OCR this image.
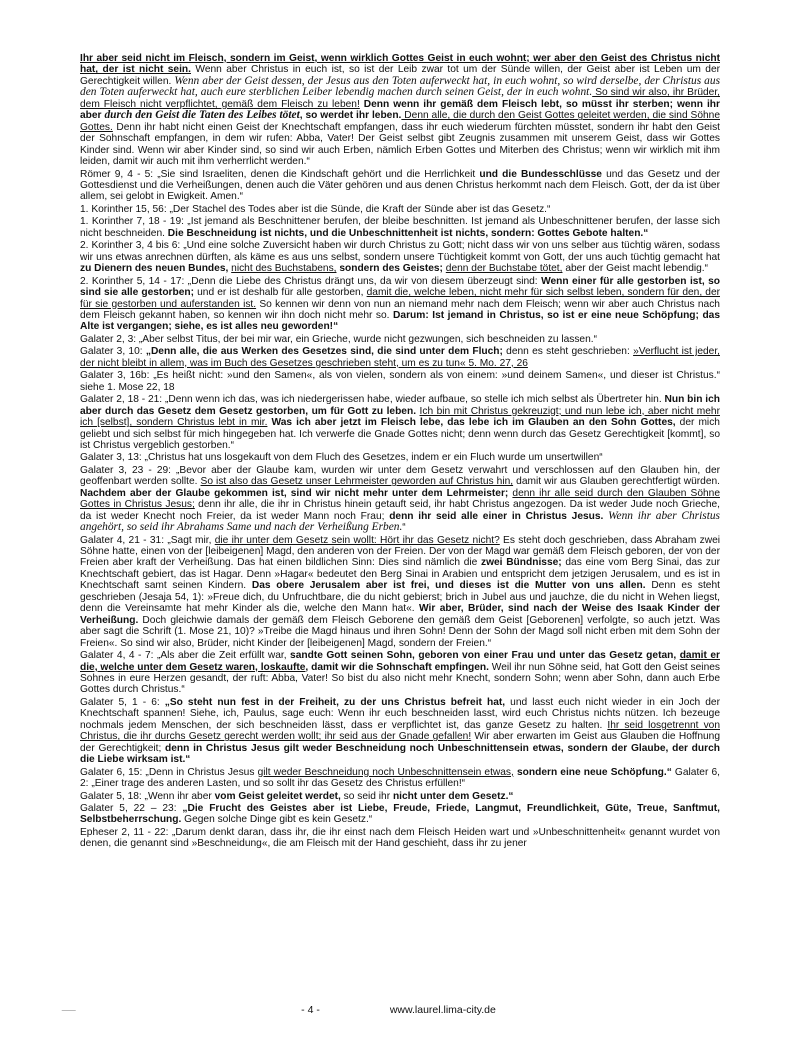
Ihr aber seid nicht im Fleisch, sondern im Geist, wenn wirklich Gottes Geist in euch wohnt; wer aber den Geist des Christus nicht hat, der ist nicht sein. Wenn aber Christus in euch ist, so ist der Leib zwar tot um der Sünde willen, der Geist aber ist Leben um der Gerechtigkeit willen. Wenn aber der Geist dessen, der Jesus aus den Toten auferweckt hat, in euch wohnt, so wird derselbe, der Christus aus den Toten auferweckt hat, auch eure sterblichen Leiber lebendig machen durch seinen Geist, der in euch wohnt. So sind wir also, ihr Brüder, dem Fleisch nicht verpflichtet, gemäß dem Fleisch zu leben! Denn wenn ihr gemäß dem Fleisch lebt, so müsst ihr sterben; wenn ihr aber durch den Geist die Taten des Leibes tötet, so werdet ihr leben. Denn alle, die durch den Geist Gottes geleitet werden, die sind Söhne Gottes. Denn ihr habt nicht einen Geist der Knechtschaft empfangen, dass ihr euch wiederum fürchten müsstet, sondern ihr habt den Geist der Sohnschaft empfangen, in dem wir rufen: Abba, Vater! Der Geist selbst gibt Zeugnis zusammen mit unserem Geist, dass wir Gottes Kinder sind. Wenn wir aber Kinder sind, so sind wir auch Erben, nämlich Erben Gottes und Miterben des Christus; wenn wir wirklich mit ihm leiden, damit wir auch mit ihm verherrlicht werden.“

Römer 9, 4 - 5: „Sie sind Israeliten, denen die Kindschaft gehört und die Herrlichkeit und die Bundesschlüsse und das Gesetz und der Gottesdienst und die Verheißungen, denen auch die Väter gehören und aus denen Christus herkommt nach dem Fleisch. Gott, der da ist über allem, sei gelobt in Ewigkeit. Amen.“

1. Korinther 15, 56: „Der Stachel des Todes aber ist die Sünde, die Kraft der Sünde aber ist das Gesetz.“

1. Korinther 7, 18 - 19: „Ist jemand als Beschnittener berufen, der bleibe beschnitten. Ist jemand als Unbeschnittener berufen, der lasse sich nicht beschneiden. Die Beschneidung ist nichts, und die Unbeschnittenheit ist nichts, sondern: Gottes Gebote halten.“

2. Korinther 3, 4 bis 6: „Und eine solche Zuversicht haben wir durch Christus zu Gott; nicht dass wir von uns selber aus tüchtig wären, sodass wir uns etwas anrechnen dürften, als käme es aus uns selbst, sondern unsere Tüchtigkeit kommt von Gott, der uns auch tüchtig gemacht hat zu Dienern des neuen Bundes, nicht des Buchstabens, sondern des Geistes; denn der Buchstabe tötet, aber der Geist macht lebendig.“

2. Korinther 5, 14 - 17: „Denn die Liebe des Christus drängt uns, da wir von diesem überzeugt sind: Wenn einer für alle gestorben ist, so sind sie alle gestorben; und er ist deshalb für alle gestorben, damit die, welche leben, nicht mehr für sich selbst leben, sondern für den, der für sie gestorben und auferstanden ist. So kennen wir denn von nun an niemand mehr nach dem Fleisch; wenn wir aber auch Christus nach dem Fleisch gekannt haben, so kennen wir ihn doch nicht mehr so. Darum: Ist jemand in Christus, so ist er eine neue Schöpfung; das Alte ist vergangen; siehe, es ist alles neu geworden!“

Galater 2, 3: „Aber selbst Titus, der bei mir war, ein Grieche, wurde nicht gezwungen, sich beschneiden zu lassen.“

Galater 3, 10: „Denn alle, die aus Werken des Gesetzes sind, die sind unter dem Fluch; denn es steht geschrieben: »Verflucht ist jeder, der nicht bleibt in allem, was im Buch des Gesetzes geschrieben steht, um es zu tun« 5. Mo. 27, 26

Galater 3, 16b: „Es heißt nicht: »und den Samen«, als von vielen, sondern als von einem: »und deinem Samen«, und dieser ist Christus.“ siehe 1. Mose 22, 18

Galater 2, 18 - 21: „Denn wenn ich das, was ich niedergerissen habe, wieder aufbaue, so stelle ich mich selbst als Übertreter hin. Nun bin ich aber durch das Gesetz dem Gesetz gestorben, um für Gott zu leben. Ich bin mit Christus gekreuzigt; und nun lebe ich, aber nicht mehr ich [selbst], sondern Christus lebt in mir. Was ich aber jetzt im Fleisch lebe, das lebe ich im Glauben an den Sohn Gottes, der mich geliebt und sich selbst für mich hingegeben hat. Ich verwerfe die Gnade Gottes nicht; denn wenn durch das Gesetz Gerechtigkeit [kommt], so ist Christus vergeblich gestorben.“

Galater 3, 13: „Christus hat uns losgekauft von dem Fluch des Gesetzes, indem er ein Fluch wurde um unsertwillen“

Galater 3, 23 - 29: „Bevor aber der Glaube kam, wurden wir unter dem Gesetz verwahrt und verschlossen auf den Glauben hin, der geoffenbart werden sollte. So ist also das Gesetz unser Lehrmeister geworden auf Christus hin, damit wir aus Glauben gerechtfertigt würden. Nachdem aber der Glaube gekommen ist, sind wir nicht mehr unter dem Lehrmeister; denn ihr alle seid durch den Glauben Söhne Gottes in Christus Jesus; denn ihr alle, die ihr in Christus hinein getauft seid, ihr habt Christus angezogen. Da ist weder Jude noch Grieche, da ist weder Knecht noch Freier, da ist weder Mann noch Frau; denn ihr seid alle einer in Christus Jesus. Wenn ihr aber Christus angehört, so seid ihr Abrahams Same und nach der Verheißung Erben.“

Galater 4, 21 - 31: „Sagt mir, die ihr unter dem Gesetz sein wollt: Hört ihr das Gesetz nicht? Es steht doch geschrieben, dass Abraham zwei Söhne hatte, einen von der [leibeigenen] Magd, den anderen von der Freien. Der von der Magd war gemäß dem Fleisch geboren, der von der Freien aber kraft der Verheißung. Das hat einen bildlichen Sinn: Dies sind nämlich die zwei Bündnisse; das eine vom Berg Sinai, das zur Knechtschaft gebiert, das ist Hagar. Denn »Hagar« bedeutet den Berg Sinai in Arabien und entspricht dem jetzigen Jerusalem, und es ist in Knechtschaft samt seinen Kindern. Das obere Jerusalem aber ist frei, und dieses ist die Mutter von uns allen. Denn es steht geschrieben (Jesaja 54, 1): »Freue dich, du Unfruchtbare, die du nicht gebierst; brich in Jubel aus und jauchze, die du nicht in Wehen liegst, denn die Vereinsamte hat mehr Kinder als die, welche den Mann hat«. Wir aber, Brüder, sind nach der Weise des Isaak Kinder der Verheißung. Doch gleichwie damals der gemäß dem Fleisch Geborene den gemäß dem Geist [Geborenen] verfolgte, so auch jetzt. Was aber sagt die Schrift (1. Mose 21, 10)? »Treibe die Magd hinaus und ihren Sohn! Denn der Sohn der Magd soll nicht erben mit dem Sohn der Freien«. So sind wir also, Brüder, nicht Kinder der [leibeigenen] Magd, sondern der Freien.“

Galater 4, 4 - 7: „Als aber die Zeit erfüllt war, sandte Gott seinen Sohn, geboren von einer Frau und unter das Gesetz getan, damit er die, welche unter dem Gesetz waren, loskaufte, damit wir die Sohnschaft empfingen. Weil ihr nun Söhne seid, hat Gott den Geist seines Sohnes in eure Herzen gesandt, der ruft: Abba, Vater! So bist du also nicht mehr Knecht, sondern Sohn; wenn aber Sohn, dann auch Erbe Gottes durch Christus.“

Galater 5, 1 - 6: „So steht nun fest in der Freiheit, zu der uns Christus befreit hat, und lasst euch nicht wieder in ein Joch der Knechtschaft spannen! Siehe, ich, Paulus, sage euch: Wenn ihr euch beschneiden lasst, wird euch Christus nichts nützen. Ich bezeuge nochmals jedem Menschen, der sich beschneiden lässt, dass er verpflichtet ist, das ganze Gesetz zu halten. Ihr seid losgetrennt von Christus, die ihr durchs Gesetz gerecht werden wollt; ihr seid aus der Gnade gefallen! Wir aber erwarten im Geist aus Glauben die Hoffnung der Gerechtigkeit; denn in Christus Jesus gilt weder Beschneidung noch Unbeschnittensein etwas, sondern der Glaube, der durch die Liebe wirksam ist.“

Galater 6, 15: „Denn in Christus Jesus gilt weder Beschneidung noch Unbeschnittensein etwas, sondern eine neue Schöpfung.“ Galater 6, 2: „Einer trage des anderen Lasten, und so sollt ihr das Gesetz des Christus erfüllen!“

Galater 5, 18: „Wenn ihr aber vom Geist geleitet werdet, so seid ihr nicht unter dem Gesetz.“

Galater 5, 22 – 23: „Die Frucht des Geistes aber ist Liebe, Freude, Friede, Langmut, Freundlichkeit, Güte, Treue, Sanftmut, Selbstbeherrschung. Gegen solche Dinge gibt es kein Gesetz.“

Epheser 2, 11 - 22: „Darum denkt daran, dass ihr, die ihr einst nach dem Fleisch Heiden wart und »Unbeschnittenheit« genannt wurdet von denen, die genannt sind »Beschneidung«, die am Fleisch mit der Hand geschieht, dass ihr zu jener

- 4 -	www.laurel.lima-city.de
